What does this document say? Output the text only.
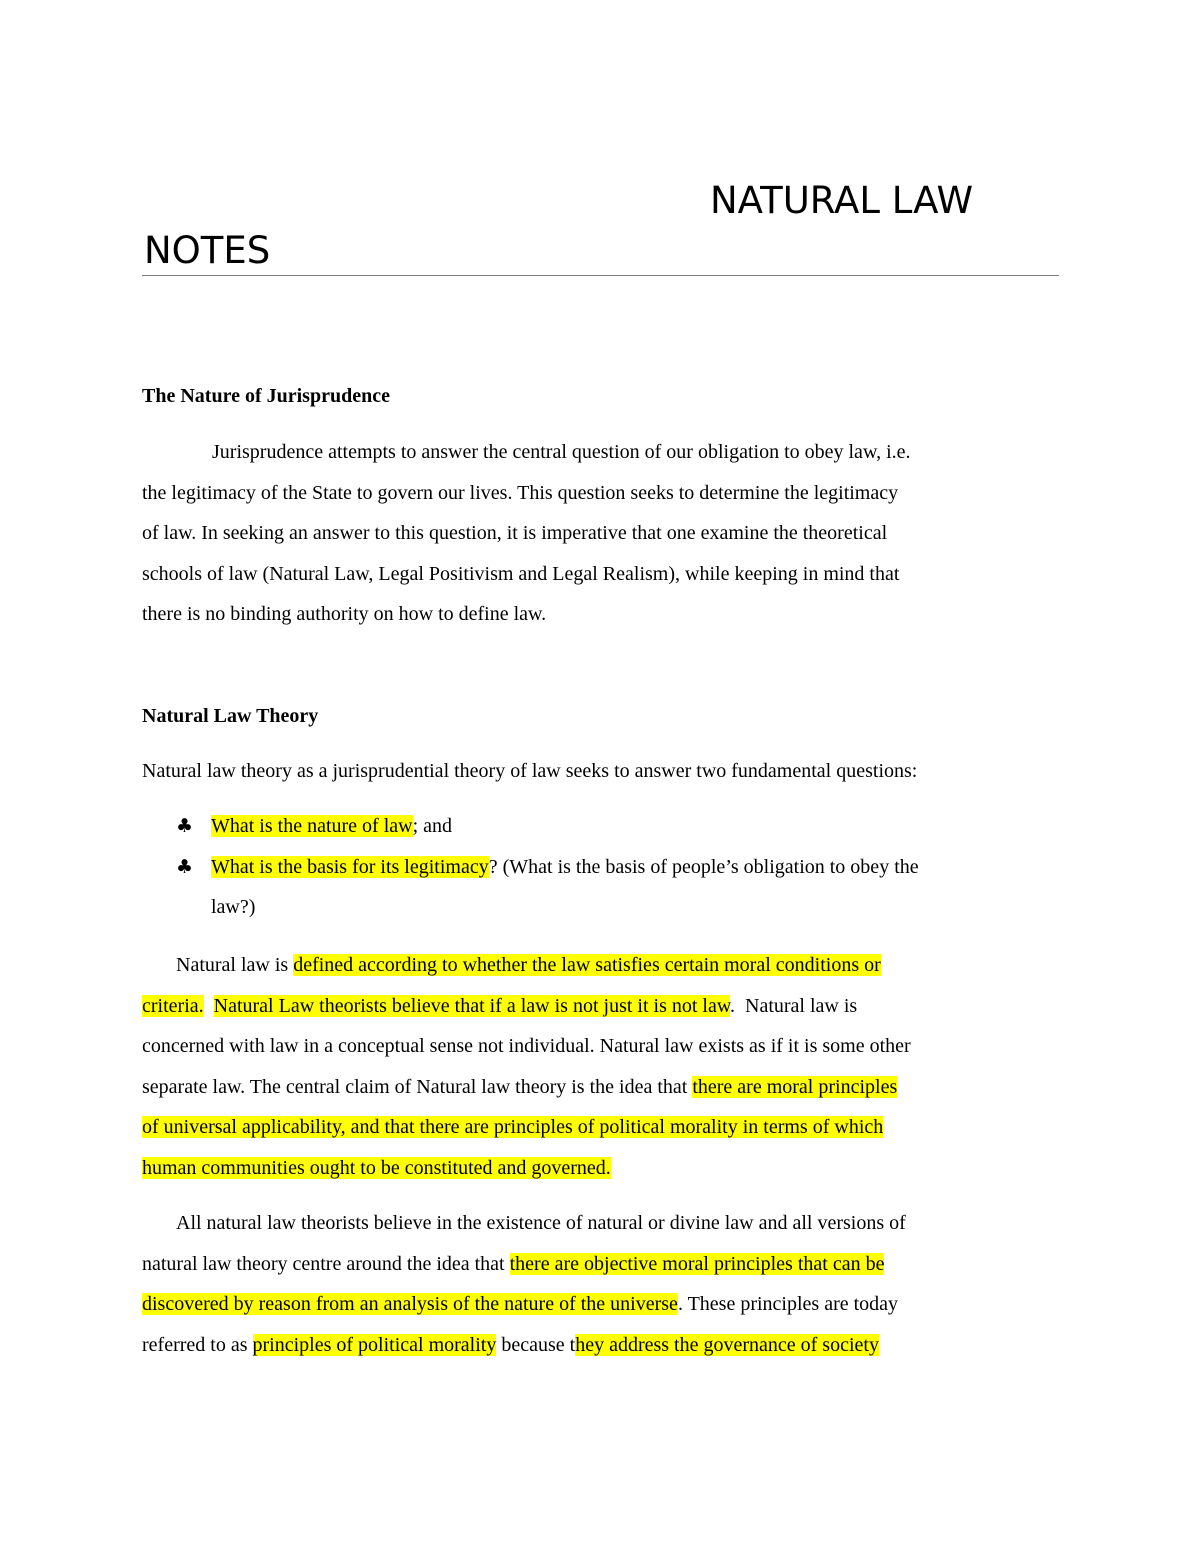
NATURAL LAW
NOTES
The Nature of Jurisprudence
Jurisprudence attempts to answer the central question of our obligation to obey law, i.e.
the legitimacy of the State to govern our lives. This question seeks to determine the legitimacy
of law. In seeking an answer to this question, it is imperative that one examine the theoretical
schools of law (Natural Law, Legal Positivism and Legal Realism), while keeping in mind that
there is no binding authority on how to define law.
Natural Law Theory
Natural law theory as a jurisprudential theory of law seeks to answer two fundamental questions:
♣ What is the nature of law; and
♣ What is the basis for its legitimacy? (What is the basis of people’s obligation to obey the
law?)
Natural law is defined according to whether the law satisfies certain moral conditions or
criteria. Natural Law theorists believe that if a law is not just it is not law.  Natural law is
concerned with law in a conceptual sense not individual. Natural law exists as if it is some other
separate law. The central claim of Natural law theory is the idea that there are moral principles
of universal applicability, and that there are principles of political morality in terms of which
human communities ought to be constituted and governed.
All natural law theorists believe in the existence of natural or divine law and all versions of
natural law theory centre around the idea that there are objective moral principles that can be
discovered by reason from an analysis of the nature of the universe. These principles are today
referred to as principles of political morality because they address the governance of society
